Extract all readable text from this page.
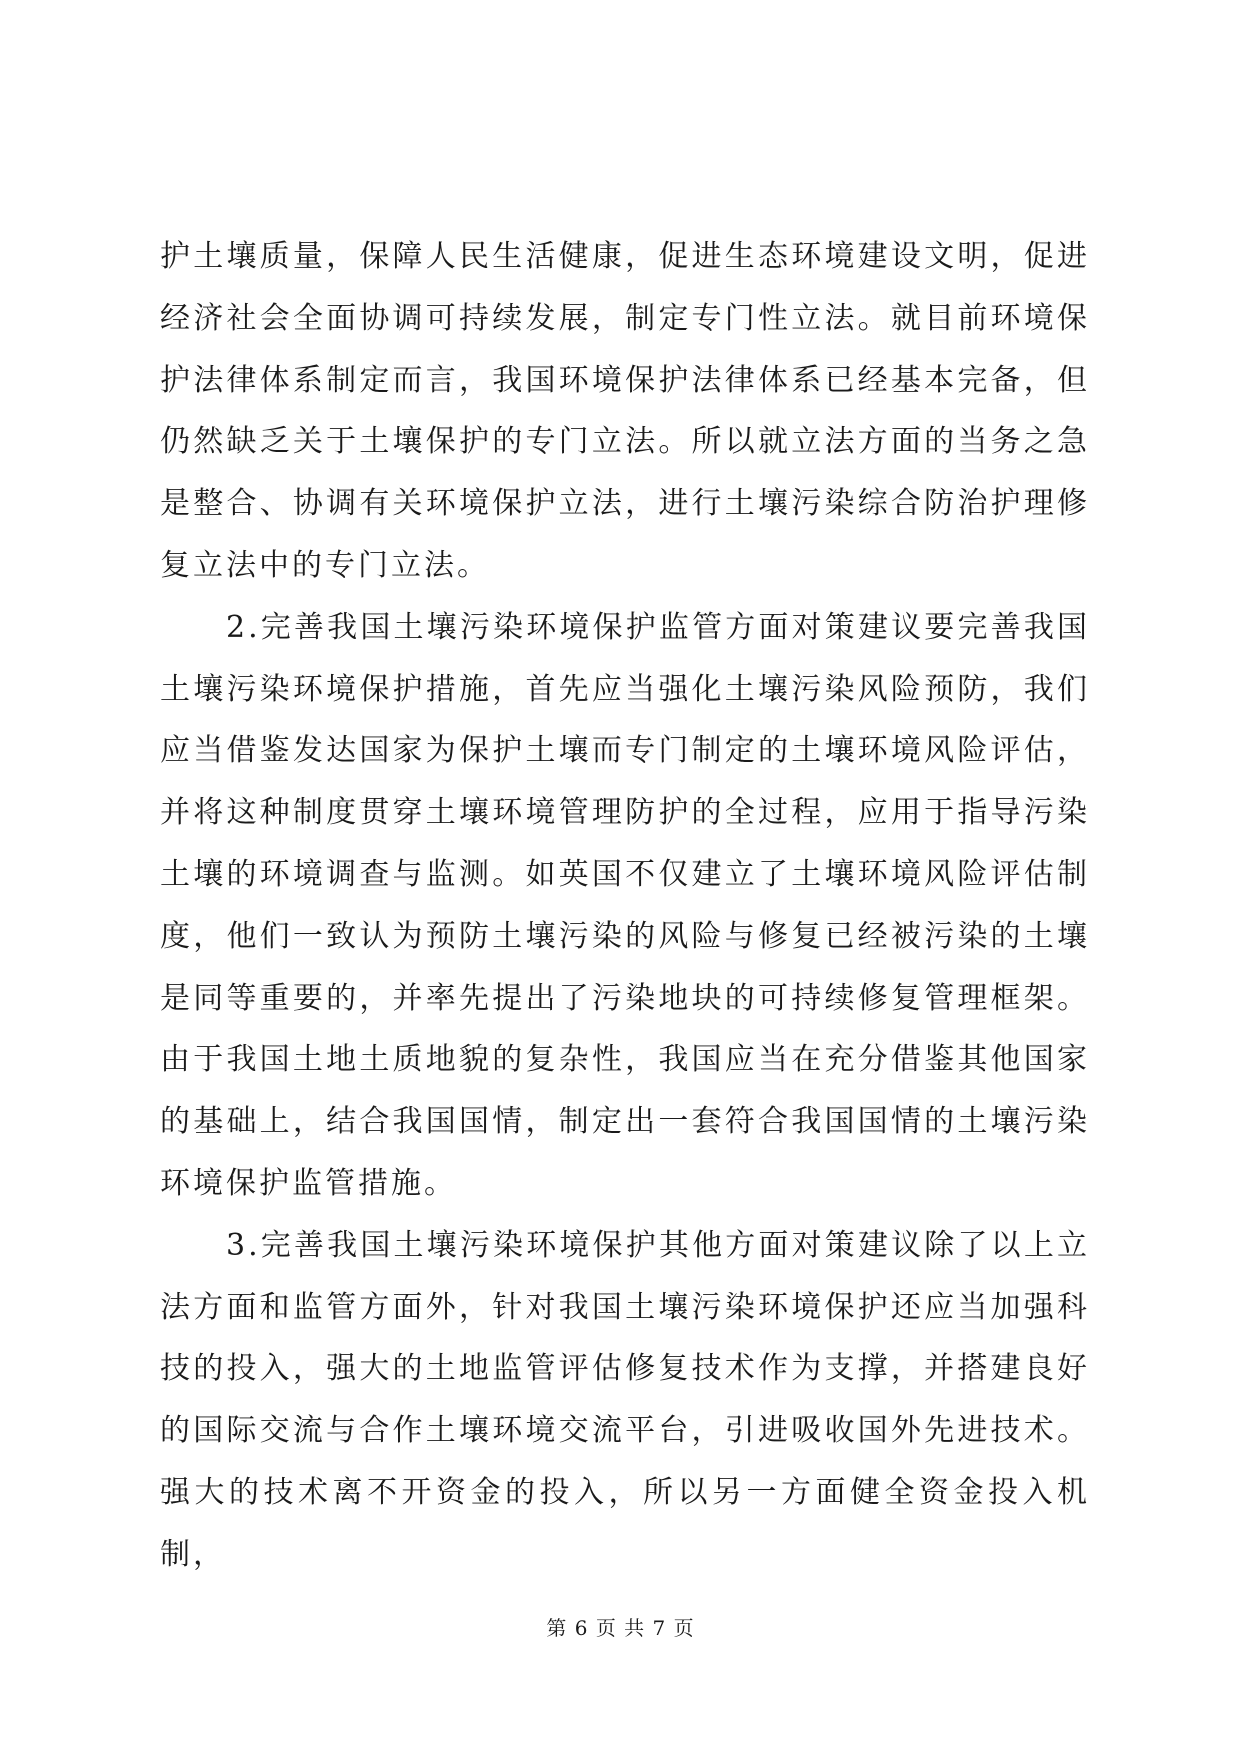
护土壤质量，保障人民生活健康，促进生态环境建设文明，促进经济社会全面协调可持续发展，制定专门性立法。就目前环境保护法律体系制定而言，我国环境保护法律体系已经基本完备，但仍然缺乏关于土壤保护的专门立法。所以就立法方面的当务之急是整合、协调有关环境保护立法，进行土壤污染综合防治护理修复立法中的专门立法。

2.完善我国土壤污染环境保护监管方面对策建议要完善我国土壤污染环境保护措施，首先应当强化土壤污染风险预防，我们应当借鉴发达国家为保护土壤而专门制定的土壤环境风险评估，并将这种制度贯穿土壤环境管理防护的全过程，应用于指导污染土壤的环境调查与监测。如英国不仅建立了土壤环境风险评估制度，他们一致认为预防土壤污染的风险与修复已经被污染的土壤是同等重要的，并率先提出了污染地块的可持续修复管理框架。由于我国土地土质地貌的复杂性，我国应当在充分借鉴其他国家的基础上，结合我国国情，制定出一套符合我国国情的土壤污染环境保护监管措施。

3.完善我国土壤污染环境保护其他方面对策建议除了以上立法方面和监管方面外，针对我国土壤污染环境保护还应当加强科技的投入，强大的土地监管评估修复技术作为支撑，并搭建良好的国际交流与合作土壤环境交流平台，引进吸收国外先进技术。强大的技术离不开资金的投入，所以另一方面健全资金投入机制，

第 6 页 共 7 页
